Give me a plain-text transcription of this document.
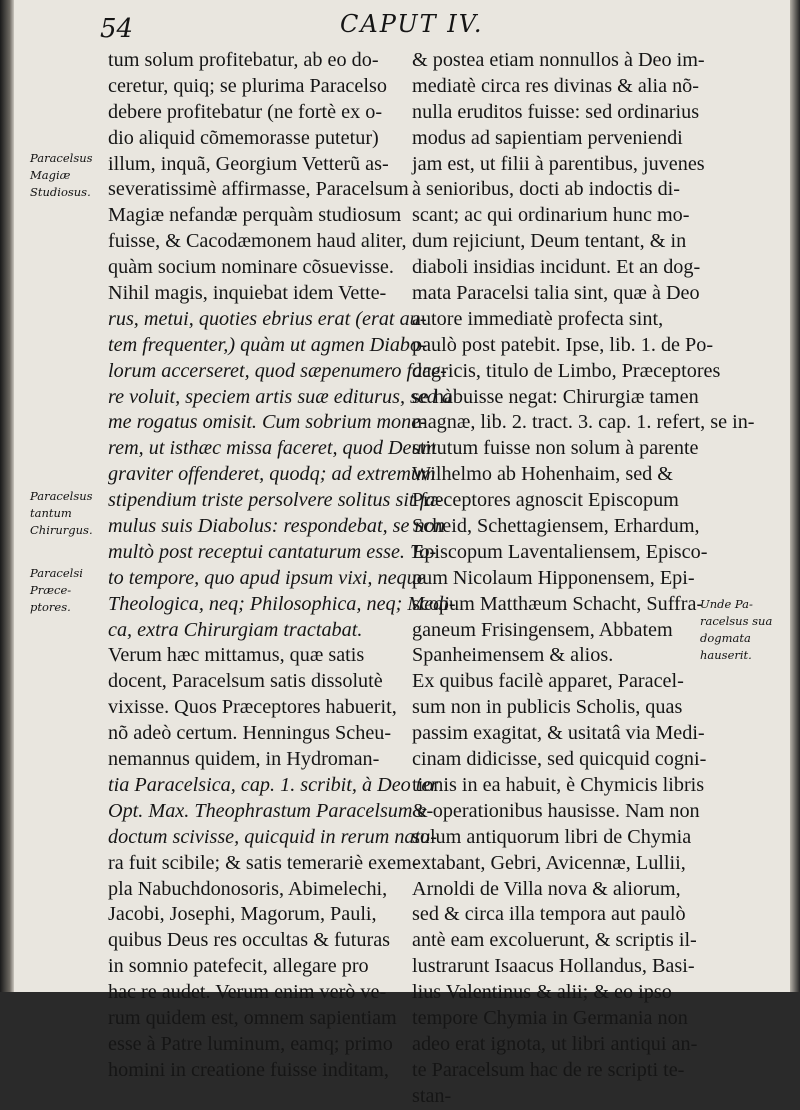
54	CAPUT IV.
tum solum profitebatur, ab eo do-
ceretur, quiq; se plurima Paracelso
debere profitebatur (ne fortè ex o-
dio aliquid cõmemorasse putetur)
illum, inquã, Georgium Vetterũ as-
severatissimè affirmasse, Paracelsum
Magiæ nefandæ perquàm studiosum
fuisse, & Cacodæmonem haud aliter,
quàm socium nominare cõsuevisse.
Nihil magis, inquiebat idem Vette-
rus, metui, quoties ebrius erat (erat au-
tem frequenter,) quàm ut agmen Diabo-
lorum accerseret, quod sæpenumero face-
re voluit, speciem artis suæ editurus, sed à
me rogatus omisit. Cum sobrium mone-
rem, ut isthæc missa faceret, quod Deum
graviter offenderet, quodq; ad extremum
stipendium triste persolvere solitus sit fa-
mulus suis Diabolus: respondebat, se non
multò post receptui cantaturum esse. To-
to tempore, quo apud ipsum vixi, neque
Theologica, neq; Philosophica, neq; Medi-
ca, extra Chirurgiam tractabat.
Verum hæc mittamus, quæ satis
docent, Paracelsum satis dissolutè
vixisse. Quos Præceptores habuerit,
nõ adeò certum. Henningus Scheu-
nemannus quidem, in Hydroman-
tia Paracelsica, cap. 1. scribit, à Deo ter
Opt. Max. Theophrastum Paracelsum e-
doctum scivisse, quicquid in rerum natu-
ra fuit scibile; & satis temerariè exem-
pla Nabuchdonosoris, Abimelechi,
Jacobi, Josephi, Magorum, Pauli,
quibus Deus res occultas & futuras
in somnio patefecit, allegare pro
hac re audet. Verum enim verò ve-
rum quidem est, omnem sapientiam
esse à Patre luminum, eamq; primo
homini in creatione fuisse inditam,
& postea etiam nonnullos à Deo im-
mediatè circa res divinas & alia nõ-
nulla eruditos fuisse: sed ordinarius
modus ad sapientiam perveniendi
jam est, ut filii à parentibus, juvenes
à senioribus, docti ab indoctis di-
scant; ac qui ordinarium hunc mo-
dum rejiciunt, Deum tentant, & in
diaboli insidias incidunt. Et an dog-
mata Paracelsi talia sint, quæ à Deo
autore immediatè profecta sint,
paulò post patebit. Ipse, lib. 1. de Po-
dagricis, titulo de Limbo, Præceptores
se habuisse negat: Chirurgiæ tamen
magnæ, lib. 2. tract. 3. cap. 1. refert, se in-
stitutum fuisse non solum à parente
Wilhelmo ab Hohenhaim, sed &
Præceptores agnoscit Episcopum
Scheid, Schettagiensem, Erhardum,
Episcopum Laventaliensem, Episco-
pum Nicolaum Hipponensem, Epi-
scopum Matthæum Schacht, Suffra-
ganeum Frisingensem, Abbatem
Spanheimensem & alios.
Ex quibus facilè apparet, Paracel-
sum non in publicis Scholis, quas
passim exagitat, & usitatâ via Medi-
cinam didicisse, sed quicquid cogni-
tionis in ea habuit, è Chymicis libris
& operationibus hausisse. Nam non
solum antiquorum libri de Chymia
extabant, Gebri, Avicennæ, Lullii,
Arnoldi de Villa nova & aliorum,
sed & circa illa tempora aut paulò
antè eam excoluerunt, & scriptis il-
lustrarunt Isaacus Hollandus, Basi-
lius Valentinus & alii; & eo ipso
tempore Chymia in Germania non
adeo erat ignota, ut libri antiqui an-
te Paracelsum hac de re scripti te-
stan-
Paracelsus
Magiæ
Studiosus.
Paracelsus
tantum
Chirurgus.
Paracelsi
Præce-
ptores.	Unde Pa-
racelsus sua
dogmata
hauserit.
